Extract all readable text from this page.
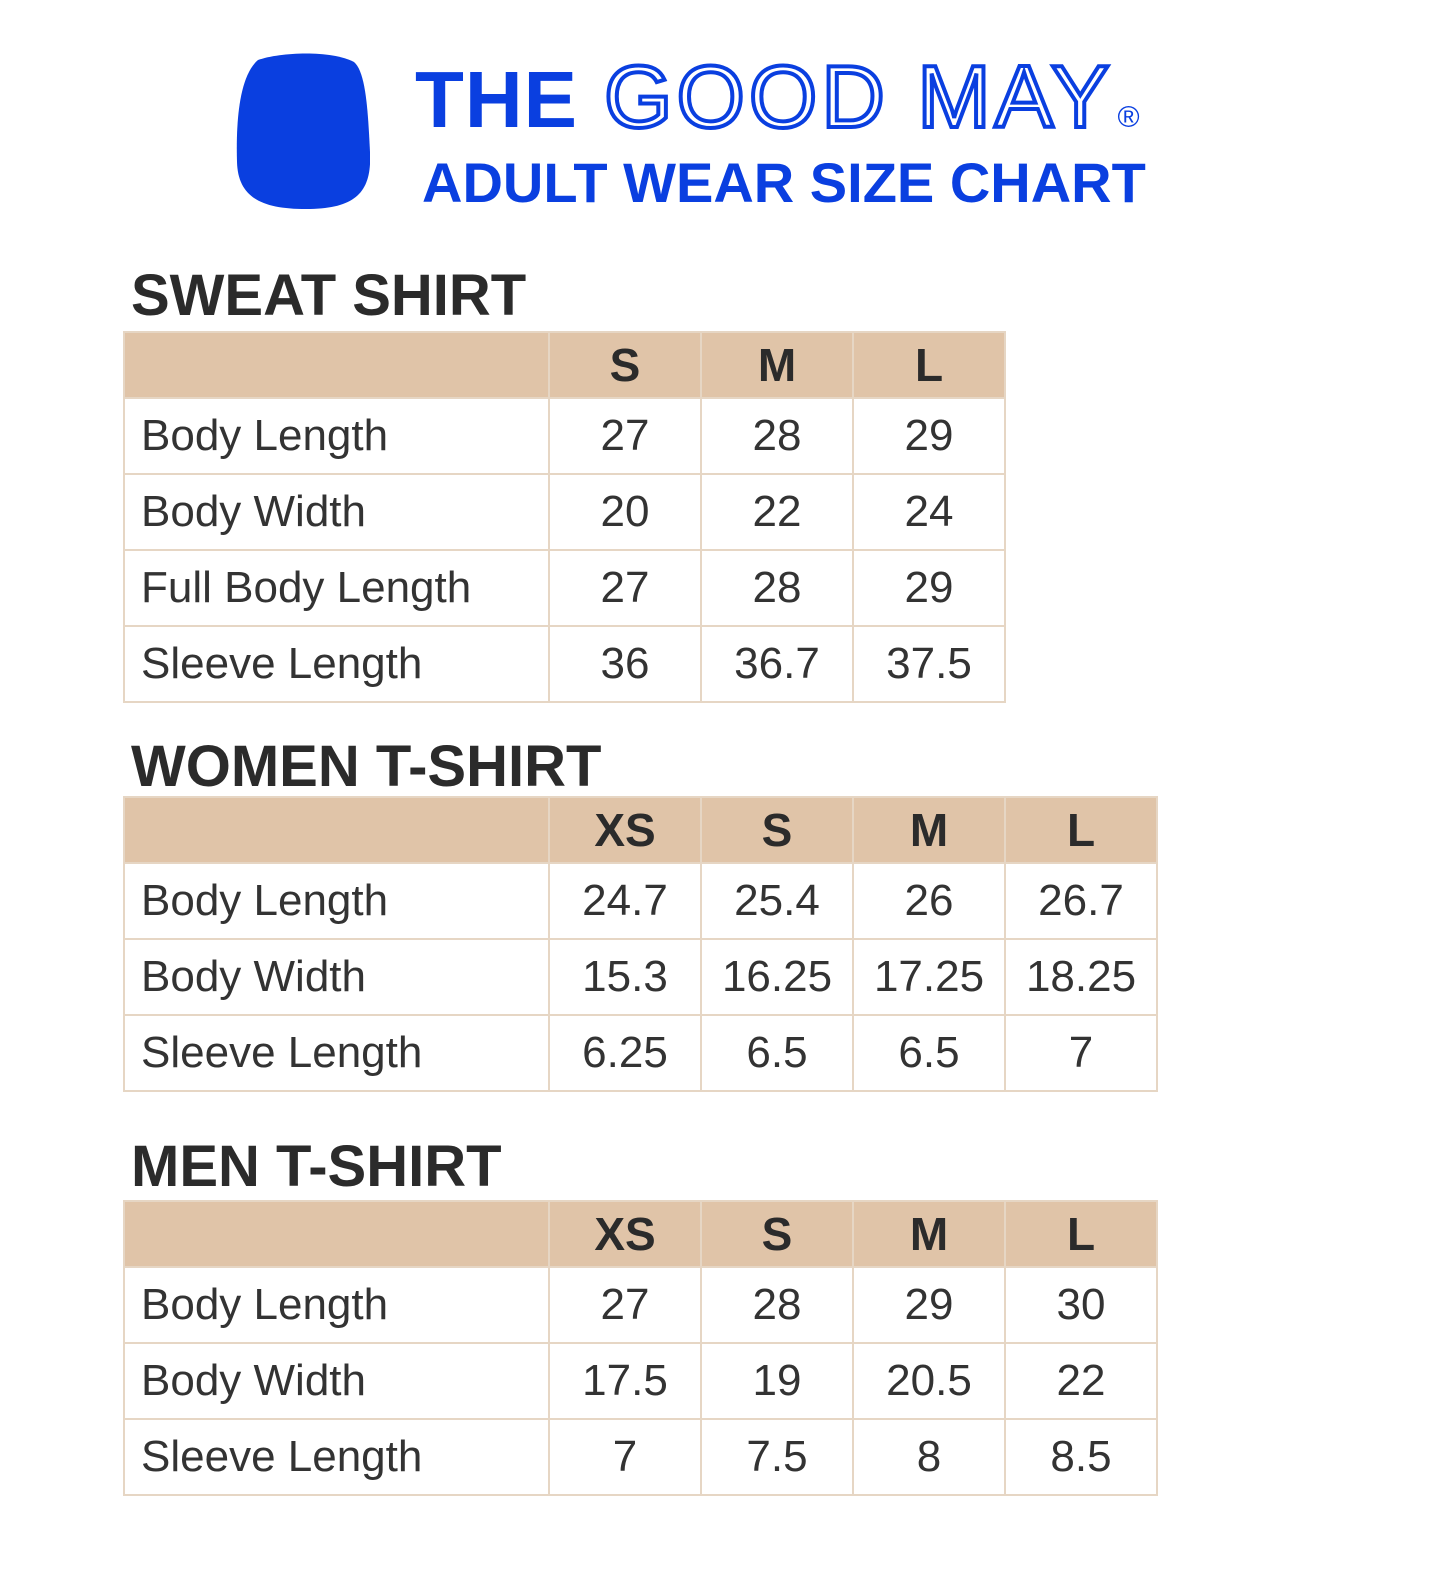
THE GOOD MAY ®
ADULT WEAR SIZE CHART
SWEAT SHIRT
	S	M	L
Body Length	27	28	29
Body Width	20	22	24
Full Body Length	27	28	29
Sleeve Length	36	36.7	37.5
WOMEN T-SHIRT
	XS	S	M	L
Body Length	24.7	25.4	26	26.7
Body Width	15.3	16.25	17.25	18.25
Sleeve Length	6.25	6.5	6.5	7
MEN T-SHIRT
	XS	S	M	L
Body Length	27	28	29	30
Body Width	17.5	19	20.5	22
Sleeve Length	7	7.5	8	8.5
